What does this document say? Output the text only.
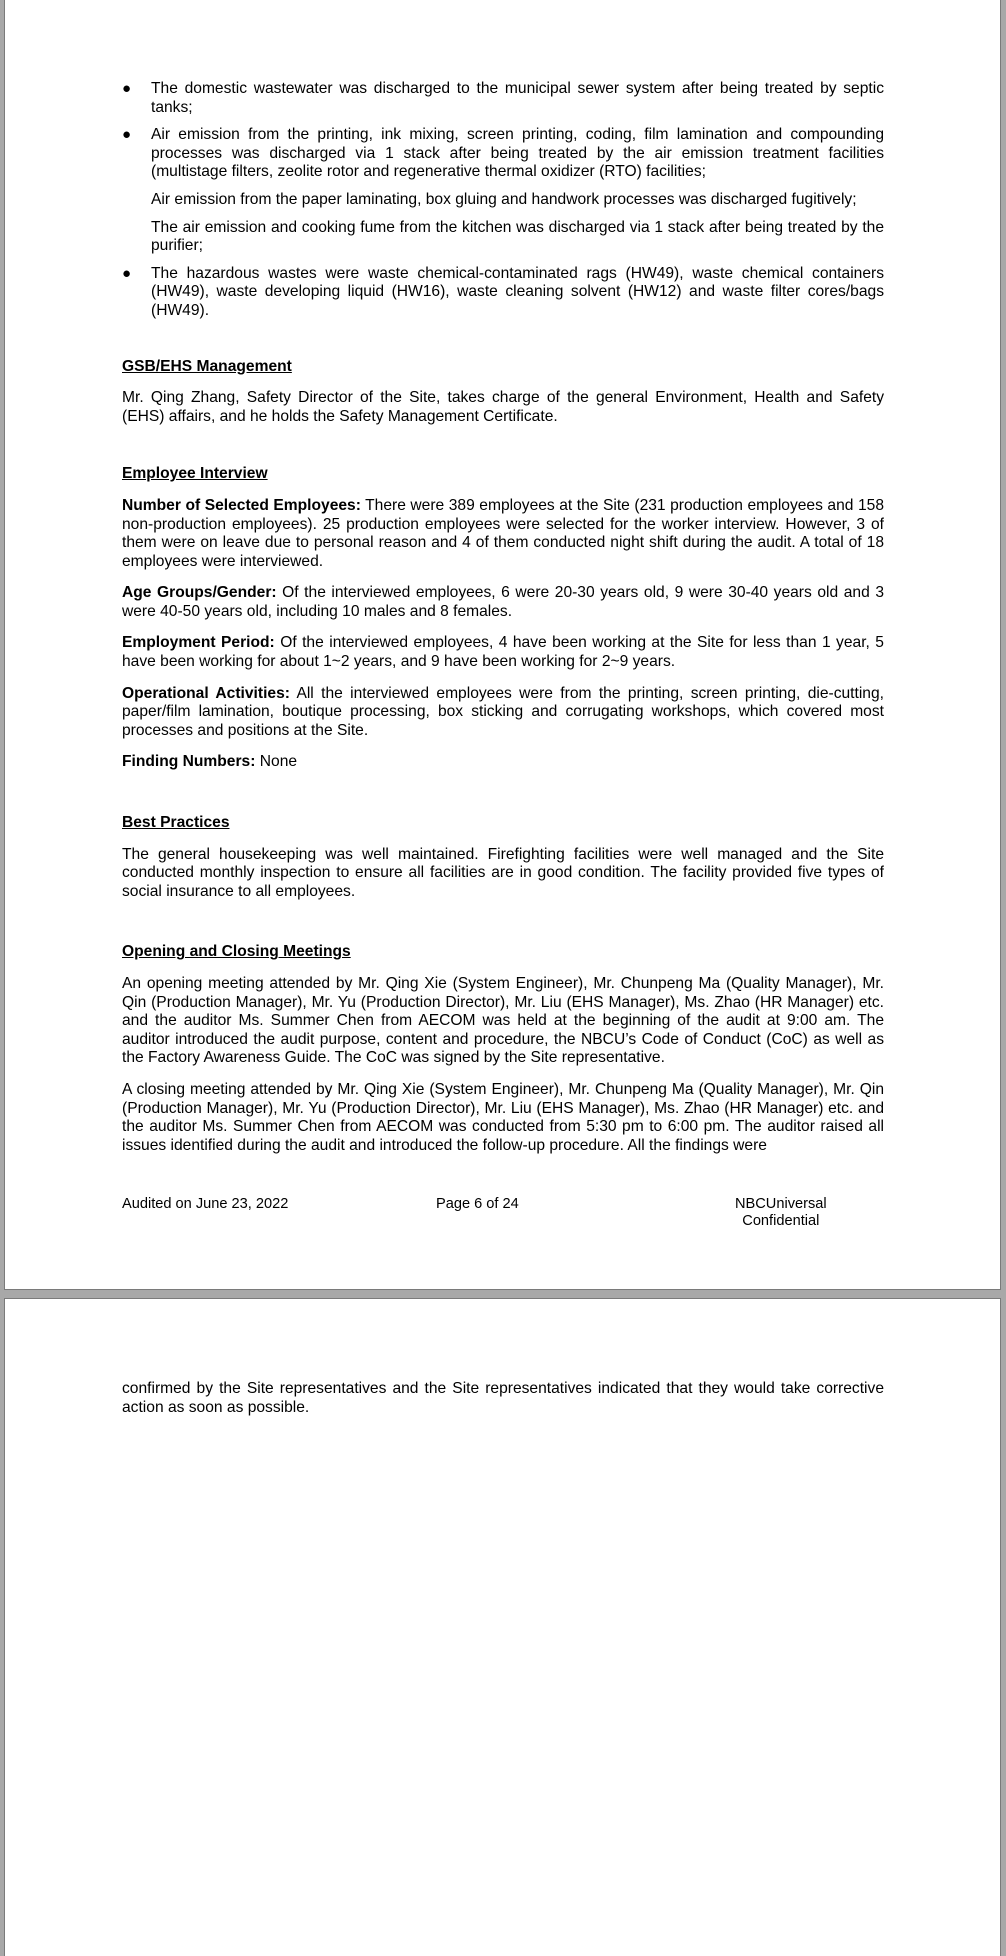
● The domestic wastewater was discharged to the municipal sewer system after being treated by septic tanks;

● Air emission from the printing, ink mixing, screen printing, coding, film lamination and compounding processes was discharged via 1 stack after being treated by the air emission treatment facilities (multistage filters, zeolite rotor and regenerative thermal oxidizer (RTO) facilities;

Air emission from the paper laminating, box gluing and handwork processes was discharged fugitively;

The air emission and cooking fume from the kitchen was discharged via 1 stack after being treated by the purifier;

● The hazardous wastes were waste chemical-contaminated rags (HW49), waste chemical containers (HW49), waste developing liquid (HW16), waste cleaning solvent (HW12) and waste filter cores/bags (HW49).

GSB/EHS Management

Mr. Qing Zhang, Safety Director of the Site, takes charge of the general Environment, Health and Safety (EHS) affairs, and he holds the Safety Management Certificate.

Employee Interview

Number of Selected Employees: There were 389 employees at the Site (231 production employees and 158 non-production employees). 25 production employees were selected for the worker interview. However, 3 of them were on leave due to personal reason and 4 of them conducted night shift during the audit. A total of 18 employees were interviewed.

Age Groups/Gender: Of the interviewed employees, 6 were 20-30 years old, 9 were 30-40 years old and 3 were 40-50 years old, including 10 males and 8 females.

Employment Period: Of the interviewed employees, 4 have been working at the Site for less than 1 year, 5 have been working for about 1~2 years, and 9 have been working for 2~9 years.

Operational Activities: All the interviewed employees were from the printing, screen printing, die-cutting, paper/film lamination, boutique processing, box sticking and corrugating workshops, which covered most processes and positions at the Site.

Finding Numbers: None

Best Practices

The general housekeeping was well maintained. Firefighting facilities were well managed and the Site conducted monthly inspection to ensure all facilities are in good condition. The facility provided five types of social insurance to all employees.

Opening and Closing Meetings

An opening meeting attended by Mr. Qing Xie (System Engineer), Mr. Chunpeng Ma (Quality Manager), Mr. Qin (Production Manager), Mr. Yu (Production Director), Mr. Liu (EHS Manager), Ms. Zhao (HR Manager) etc. and the auditor Ms. Summer Chen from AECOM was held at the beginning of the audit at 9:00 am. The auditor introduced the audit purpose, content and procedure, the NBCU’s Code of Conduct (CoC) as well as the Factory Awareness Guide. The CoC was signed by the Site representative.

A closing meeting attended by Mr. Qing Xie (System Engineer), Mr. Chunpeng Ma (Quality Manager), Mr. Qin (Production Manager), Mr. Yu (Production Director), Mr. Liu (EHS Manager), Ms. Zhao (HR Manager) etc. and the auditor Ms. Summer Chen from AECOM was conducted from 5:30 pm to 6:00 pm. The auditor raised all issues identified during the audit and introduced the follow-up procedure. All the findings were

Audited on June 23, 2022	Page 6 of 24	NBCUniversal
Confidential

confirmed by the Site representatives and the Site representatives indicated that they would take corrective action as soon as possible.
